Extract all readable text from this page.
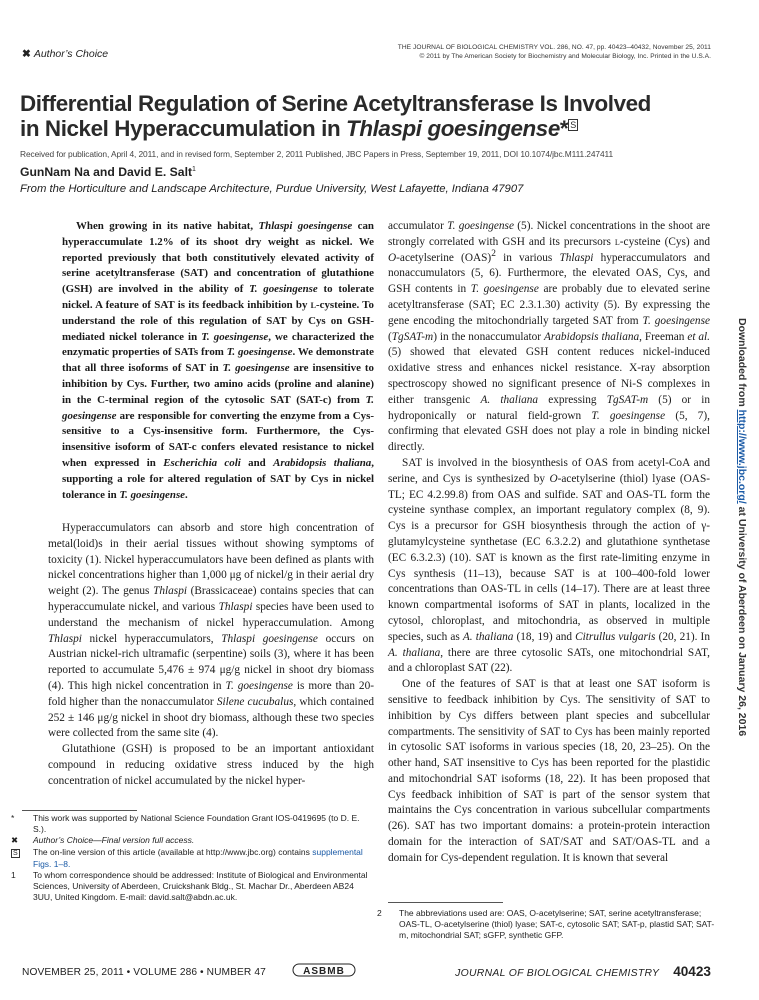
✖ Author’s Choice
THE JOURNAL OF BIOLOGICAL CHEMISTRY VOL. 286, NO. 47, pp. 40423–40432, November 25, 2011
© 2011 by The American Society for Biochemistry and Molecular Biology, Inc. Printed in the U.S.A.
Differential Regulation of Serine Acetyltransferase Is Involved
in Nickel Hyperaccumulation in Thlaspi goesingense* S
Received for publication, April 4, 2011, and in revised form, September 2, 2011 Published, JBC Papers in Press, September 19, 2011, DOI 10.1074/jbc.M111.247411
GunNam Na and David E. Salt$^1$
From the Horticulture and Landscape Architecture, Purdue University, West Lafayette, Indiana 47907

When growing in its native habitat, Thlaspi goesingense can hyperaccumulate 1.2% of its shoot dry weight as nickel. We reported previously that both constitutively elevated activity of serine acetyltransferase (SAT) and concentration of glutathione (GSH) are involved in the ability of T. goesingense to tolerate nickel. A feature of SAT is its feedback inhibition by l-cysteine. To understand the role of this regulation of SAT by Cys on GSH-mediated nickel tolerance in T. goesingense, we characterized the enzymatic properties of SATs from T. goesingense. We demonstrate that all three isoforms of SAT in T. goesingense are insensitive to inhibition by Cys. Further, two amino acids (proline and alanine) in the C-terminal region of the cytosolic SAT (SAT-c) from T. goesingense are responsible for converting the enzyme from a Cys-sensitive to a Cys-insensitive form. Furthermore, the Cys-insensitive isoform of SAT-c confers elevated resistance to nickel when expressed in Escherichia coli and Arabidopsis thaliana, supporting a role for altered regulation of SAT by Cys in nickel tolerance in T. goesingense.

Hyperaccumulators can absorb and store high concentration of metal(loid)s in their aerial tissues without showing symptoms of toxicity (1). Nickel hyperaccumulators have been defined as plants with nickel concentrations higher than 1,000 μg of nickel/g in their aerial dry weight (2). The genus Thlaspi (Brassicaceae) contains species that can hyperaccumulate nickel, and various Thlaspi species have been used to understand the mechanism of nickel hyperaccumulation. Among Thlaspi nickel hyperaccumulators, Thlaspi goesingense occurs on Austrian nickel-rich ultramafic (serpentine) soils (3), where it has been reported to accumulate 5,476 ± 974 μg/g nickel in shoot dry biomass (4). This high nickel concentration in T. goesingense is more than 20-fold higher than the nonaccumulator Silene cucubalus, which contained 252 ± 146 μg/g nickel in shoot dry biomass, although these two species were collected from the same site (4).

Glutathione (GSH) is proposed to be an important antioxidant compound in reducing oxidative stress induced by the high concentration of nickel accumulated by the nickel hyper-

accumulator T. goesingense (5). Nickel concentrations in the shoot are strongly correlated with GSH and its precursors l-cysteine (Cys) and O-acetylserine (OAS)$^2$ in various Thlaspi hyperaccumulators and nonaccumulators (5, 6). Furthermore, the elevated OAS, Cys, and GSH contents in T. goesingense are probably due to elevated serine acetyltransferase (SAT; EC 2.3.1.30) activity (5). By expressing the gene encoding the mitochondrially targeted SAT from T. goesingense (TgSAT-m) in the nonaccumulator Arabidopsis thaliana, Freeman et al. (5) showed that elevated GSH content reduces nickel-induced oxidative stress and enhances nickel resistance. X-ray absorption spectroscopy showed no significant presence of Ni-S complexes in either transgenic A. thaliana expressing TgSAT-m (5) or in hydroponically or natural field-grown T. goesingense (5, 7), confirming that elevated GSH does not play a role in binding nickel directly.

SAT is involved in the biosynthesis of OAS from acetyl-CoA and serine, and Cys is synthesized by O-acetylserine (thiol) lyase (OAS-TL; EC 4.2.99.8) from OAS and sulfide. SAT and OAS-TL form the cysteine synthase complex, an important regulatory complex (8, 9). Cys is a precursor for GSH biosynthesis through the action of γ-glutamylcysteine synthetase (EC 6.3.2.2) and glutathione synthetase (EC 6.3.2.3) (10). SAT is known as the first rate-limiting enzyme in Cys synthesis (11–13), because SAT is at 100–400-fold lower concentrations than OAS-TL in cells (14–17). There are at least three known compartmental isoforms of SAT in plants, localized in the cytosol, chloroplast, and mitochondria, as observed in multiple species, such as A. thaliana (18, 19) and Citrullus vulgaris (20, 21). In A. thaliana, there are three cytosolic SATs, one mitochondrial SAT, and a chloroplast SAT (22).

One of the features of SAT is that at least one SAT isoform is sensitive to feedback inhibition by Cys. The sensitivity of SAT to inhibition by Cys differs between plant species and subcellular compartments. The sensitivity of SAT to Cys has been mainly reported in cytosolic SAT isoforms in various species (18, 20, 23–25). On the other hand, SAT insensitive to Cys has been reported for the plastidic and mitochondrial SAT isoforms (18, 22). It has been proposed that Cys feedback inhibition of SAT is part of the sensor system that maintains the Cys concentration in various subcellular compartments (26). SAT has two important domains: a protein-protein interaction domain for the interaction of SAT/SAT and SAT/OAS-TL and a domain for Cys-dependent regulation. It is known that several

* This work was supported by National Science Foundation Grant IOS-0419695 (to D. E. S.).
✖ Author’s Choice—Final version full access.
S The on-line version of this article (available at http://www.jbc.org) contains supplemental Figs. 1–8.
1 To whom correspondence should be addressed: Institute of Biological and Environmental Sciences, University of Aberdeen, Cruickshank Bldg., St. Machar Dr., Aberdeen AB24 3UU, United Kingdom. E-mail: david.salt@abdn.ac.uk.
2 The abbreviations used are: OAS, O-acetylserine; SAT, serine acetyltransferase; OAS-TL, O-acetylserine (thiol) lyase; SAT-c, cytosolic SAT; SAT-p, plastid SAT; SAT-m, mitochondrial SAT; sGFP, synthetic GFP.
NOVEMBER 25, 2011 • VOLUME 286 • NUMBER 47	ASBMB	JOURNAL OF BIOLOGICAL CHEMISTRY 40423
Downloaded from http://www.jbc.org/ at University of Aberdeen on January 26, 2016
